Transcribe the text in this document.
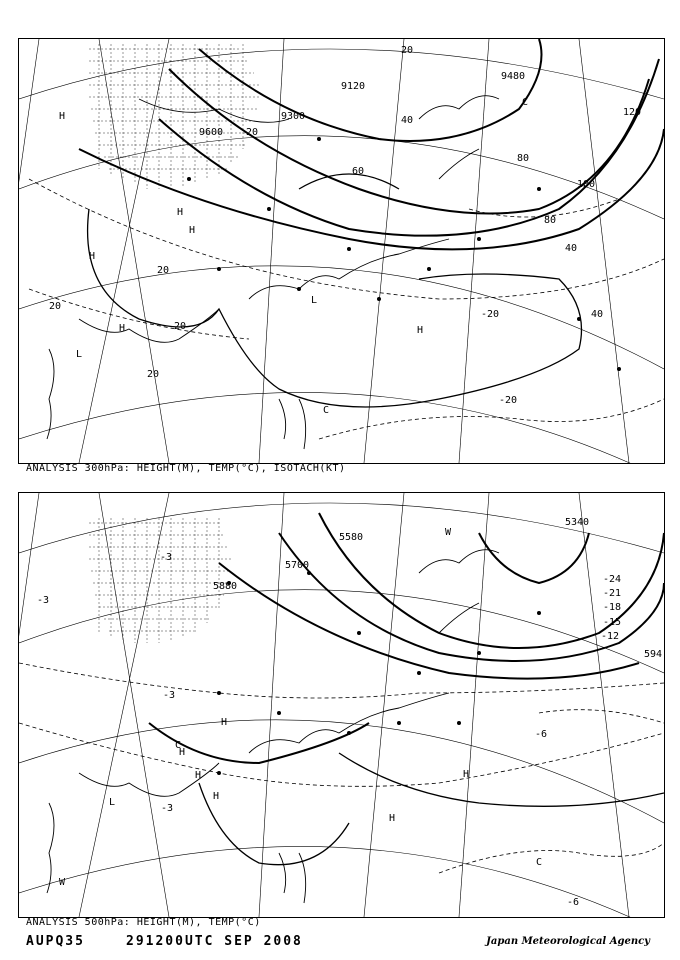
9600
9300
9120
9480
20
20
20
20
20
20
40
40
40
60
80
80
100
120
-20
-20
H
H
H
H
H	H
L
L
C
C
ANALYSIS 300hPa: HEIGHT(M), TEMP(°C), ISOTACH(KT)
5580
5700
5880
5340
594
-3
-3
-3
-3
-6
-6
-12
-15
-18
-21
-24
H
H
H	H
H
H
L
C
C
W
W
ANALYSIS 500hPa: HEIGHT(M), TEMP(°C)
AUPQ35	291200UTC SEP 2008	Japan Meteorological Agency
